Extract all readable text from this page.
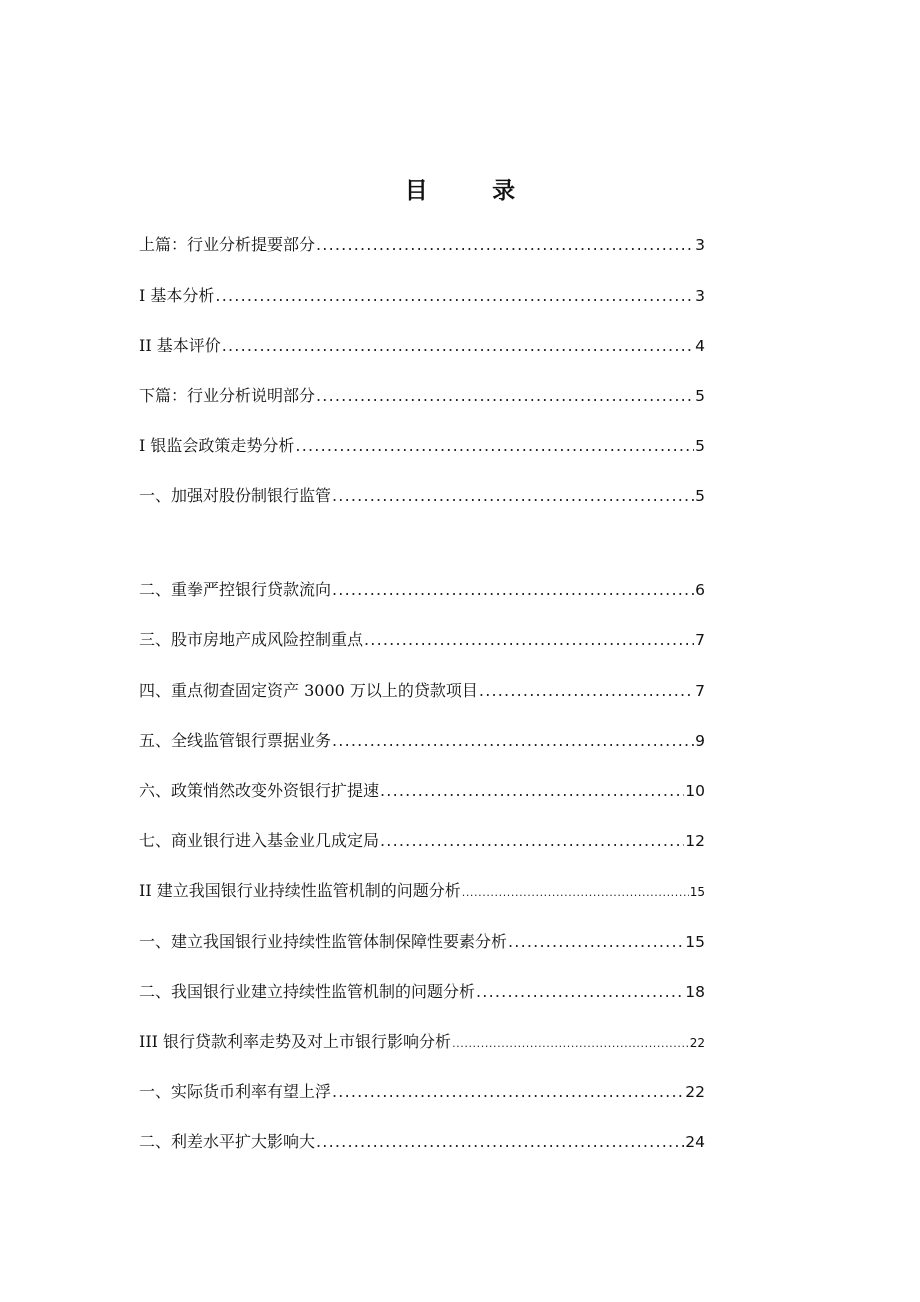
目　录
上篇：行业分析提要部分 .....	3
I 基本分析 .....	3
II 基本评价 .....	4
下篇：行业分析说明部分 .....	5
I 银监会政策走势分析 .....	5
一、加强对股份制银行监管 .....	5
二、重拳严控银行贷款流向 .....	6
三、股市房地产成风险控制重点 .....	7
四、重点彻查固定资产 3000 万以上的贷款项目 .....	7
五、全线监管银行票据业务 .....	9
六、政策悄然改变外资银行扩提速 .....	10
七、商业银行进入基金业几成定局 .....	12
II 建立我国银行业持续性监管机制的问题分析 .....	15
一、建立我国银行业持续性监管体制保障性要素分析 .....	15
二、我国银行业建立持续性监管机制的问题分析 .....	18
III 银行贷款利率走势及对上市银行影响分析 .....	22
一、实际货币利率有望上浮 .....	22
二、利差水平扩大影响大 .....	24
